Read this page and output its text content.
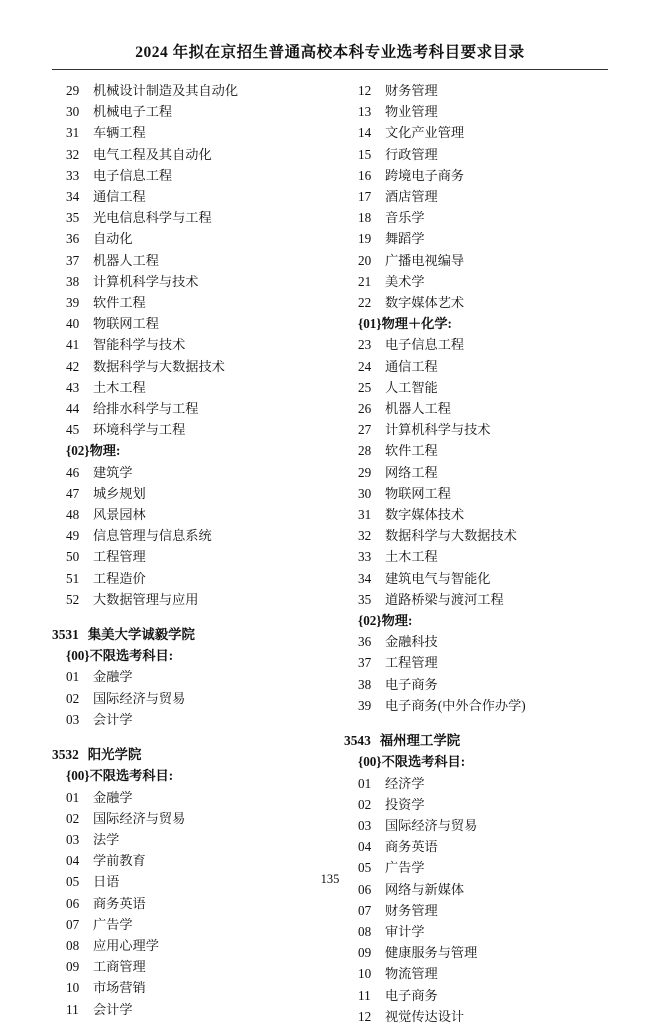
2024 年拟在京招生普通高校本科专业选考科目要求目录
29 机械设计制造及其自动化
30 机械电子工程
31 车辆工程
32 电气工程及其自动化
33 电子信息工程
34 通信工程
35 光电信息科学与工程
36 自动化
37 机器人工程
38 计算机科学与技术
39 软件工程
40 物联网工程
41 智能科学与技术
42 数据科学与大数据技术
43 土木工程
44 给排水科学与工程
45 环境科学与工程
{02}物理:
46 建筑学
47 城乡规划
48 风景园林
49 信息管理与信息系统
50 工程管理
51 工程造价
52 大数据管理与应用
3531 集美大学诚毅学院
{00}不限选考科目:
01 金融学
02 国际经济与贸易
03 会计学
3532 阳光学院
{00}不限选考科目:
01 金融学
02 国际经济与贸易
03 法学
04 学前教育
05 日语
06 商务英语
07 广告学
08 应用心理学
09 工商管理
10 市场营销
11 会计学
12 财务管理
13 物业管理
14 文化产业管理
15 行政管理
16 跨境电子商务
17 酒店管理
18 音乐学
19 舞蹈学
20 广播电视编导
21 美术学
22 数字媒体艺术
{01}物理＋化学:
23 电子信息工程
24 通信工程
25 人工智能
26 机器人工程
27 计算机科学与技术
28 软件工程
29 网络工程
30 物联网工程
31 数字媒体技术
32 数据科学与大数据技术
33 土木工程
34 建筑电气与智能化
35 道路桥梁与渡河工程
{02}物理:
36 金融科技
37 工程管理
38 电子商务
39 电子商务(中外合作办学)
3543 福州理工学院
{00}不限选考科目:
01 经济学
02 投资学
03 国际经济与贸易
04 商务英语
05 广告学
06 网络与新媒体
07 财务管理
08 审计学
09 健康服务与管理
10 物流管理
11 电子商务
12 视觉传达设计
135
